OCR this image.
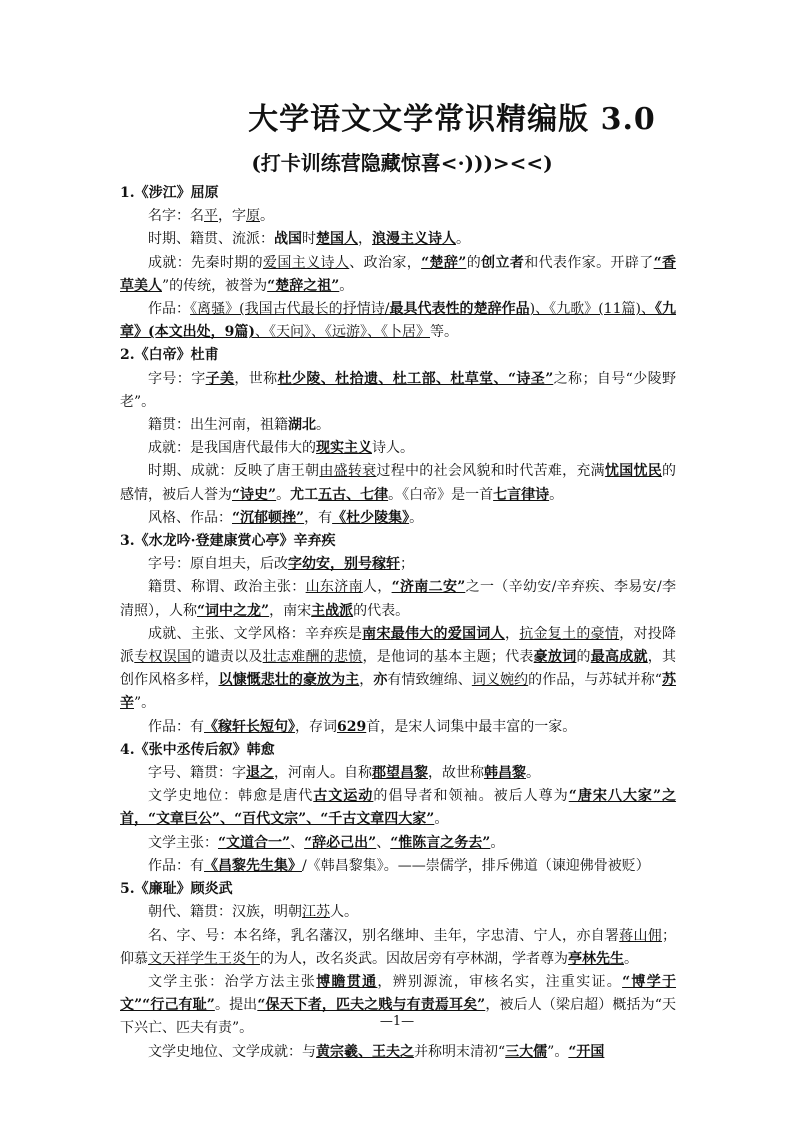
大学语文文学常识精编版 3.0
(打卡训练营隐藏惊喜<·)))><<)
1.《涉江》屈原
名字：名平，字原。
时期、籍贯、流派：战国时楚国人，浪漫主义诗人。
成就：先秦时期的爱国主义诗人、政治家，“楚辞”的创立者和代表作家。开辟了“香草美人”的传统，被誉为“楚辞之祖”。
作品：《离骚》(我国古代最长的抒情诗/最具代表性的楚辞作品)、《九歌》(11篇)、《九章》(本文出处，9篇)、《天问》、《远游》、《卜居》等。
2.《白帝》杜甫
字号：字子美，世称杜少陵、杜拾遗、杜工部、杜草堂、“诗圣”之称；自号“少陵野老”。
籍贯：出生河南，祖籍湖北。
成就：是我国唐代最伟大的现实主义诗人。
时期、成就：反映了唐王朝由盛转衰过程中的社会风貌和时代苦难，充满忧国忧民的感情，被后人誉为“诗史”。尤工五古、七律。《白帝》是一首七言律诗。
风格、作品：“沉郁顿挫”，有《杜少陵集》。
3.《水龙吟·登建康赏心亭》辛弃疾
字号：原自坦夫，后改字幼安，别号稼轩；
籍贯、称谓、政治主张：山东济南人，“济南二安”之一（辛幼安/辛弃疾、李易安/李清照），人称“词中之龙”，南宋主战派的代表。
成就、主张、文学风格：辛弃疾是南宋最伟大的爱国词人，抗金复土的豪情，对投降派专权误国的谴责以及壮志难酬的悲愤，是他词的基本主题；代表豪放词的最高成就，其创作风格多样，以慷慨悲壮的豪放为主，亦有情致缠绵、词义婉约的作品，与苏轼并称“苏辛”。
作品：有《稼轩长短句》，存词629首，是宋人词集中最丰富的一家。
4.《张中丞传后叙》韩愈
字号、籍贯：字退之，河南人。自称郡望昌黎，故世称韩昌黎。
文学史地位：韩愈是唐代古文运动的倡导者和领袖。被后人尊为“唐宋八大家”之首，“文章巨公”、“百代文宗”、“千古文章四大家”。
文学主张：“文道合一”、“辞必己出”、“惟陈言之务去”。
作品：有《昌黎先生集》/《韩昌黎集》。——崇儒学，排斥佛道（谏迎佛骨被贬）
5.《廉耻》顾炎武
朝代、籍贯：汉族，明朝江苏人。
名、字、号：本名绛，乳名藩汉，别名继坤、圭年，字忠清、宁人，亦自署蒋山佣；仰慕文天祥学生王炎午的为人，改名炎武。因故居旁有亭林湖，学者尊为亭林先生。
文学主张：治学方法主张博瞻贯通，辨别源流，审核名实，注重实证。“博学于文”“行己有耻”。提出“保天下者，匹夫之贱与有责焉耳矣”，被后人（梁启超）概括为“天下兴亡、匹夫有责”。
文学史地位、文学成就：与黄宗羲、王夫之并称明末清初“三大儒”。“开国
—1—
